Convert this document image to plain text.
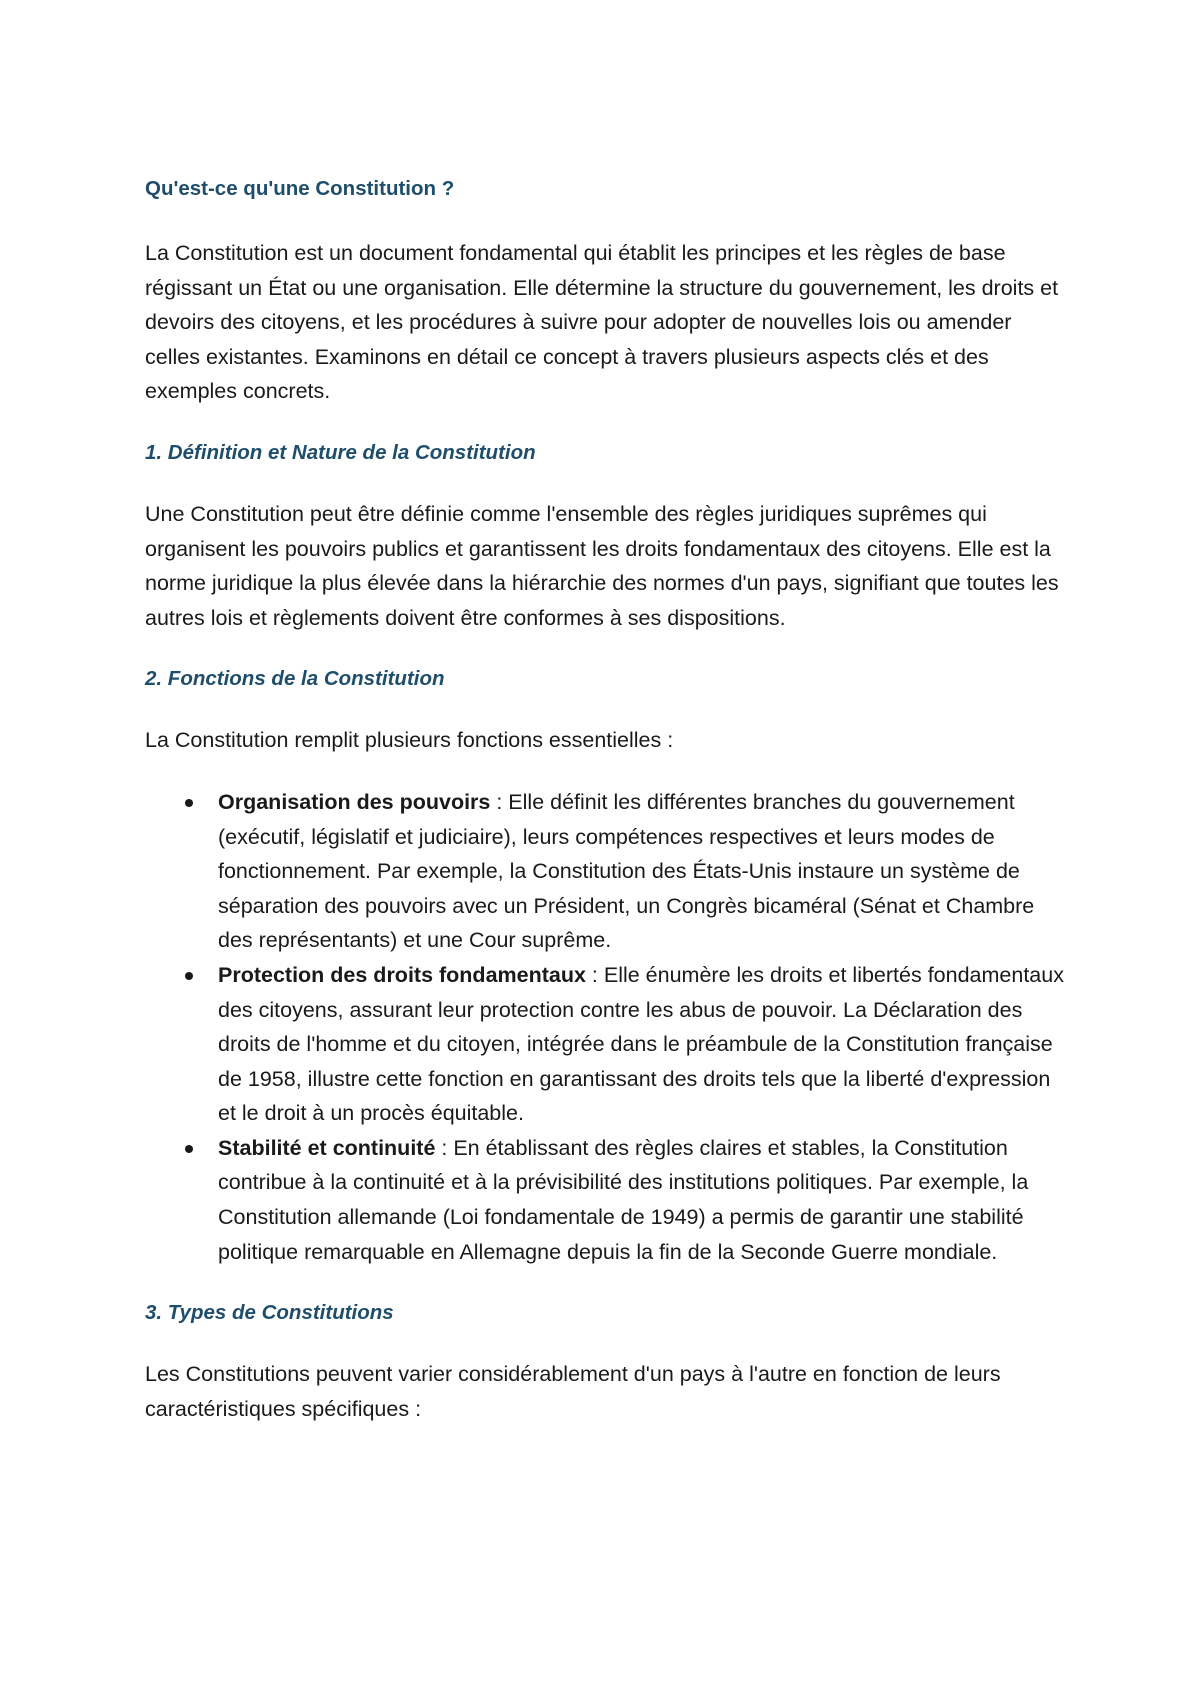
Qu'est-ce qu'une Constitution ?

La Constitution est un document fondamental qui établit les principes et les règles de base régissant un État ou une organisation. Elle détermine la structure du gouvernement, les droits et devoirs des citoyens, et les procédures à suivre pour adopter de nouvelles lois ou amender celles existantes. Examinons en détail ce concept à travers plusieurs aspects clés et des exemples concrets.

1. Définition et Nature de la Constitution

Une Constitution peut être définie comme l'ensemble des règles juridiques suprêmes qui organisent les pouvoirs publics et garantissent les droits fondamentaux des citoyens. Elle est la norme juridique la plus élevée dans la hiérarchie des normes d'un pays, signifiant que toutes les autres lois et règlements doivent être conformes à ses dispositions.

2. Fonctions de la Constitution

La Constitution remplit plusieurs fonctions essentielles :

Organisation des pouvoirs : Elle définit les différentes branches du gouvernement (exécutif, législatif et judiciaire), leurs compétences respectives et leurs modes de fonctionnement. Par exemple, la Constitution des États-Unis instaure un système de séparation des pouvoirs avec un Président, un Congrès bicaméral (Sénat et Chambre des représentants) et une Cour suprême.
Protection des droits fondamentaux : Elle énumère les droits et libertés fondamentaux des citoyens, assurant leur protection contre les abus de pouvoir. La Déclaration des droits de l'homme et du citoyen, intégrée dans le préambule de la Constitution française de 1958, illustre cette fonction en garantissant des droits tels que la liberté d'expression et le droit à un procès équitable.
Stabilité et continuité : En établissant des règles claires et stables, la Constitution contribue à la continuité et à la prévisibilité des institutions politiques. Par exemple, la Constitution allemande (Loi fondamentale de 1949) a permis de garantir une stabilité politique remarquable en Allemagne depuis la fin de la Seconde Guerre mondiale.
3. Types de Constitutions

Les Constitutions peuvent varier considérablement d'un pays à l'autre en fonction de leurs caractéristiques spécifiques :
